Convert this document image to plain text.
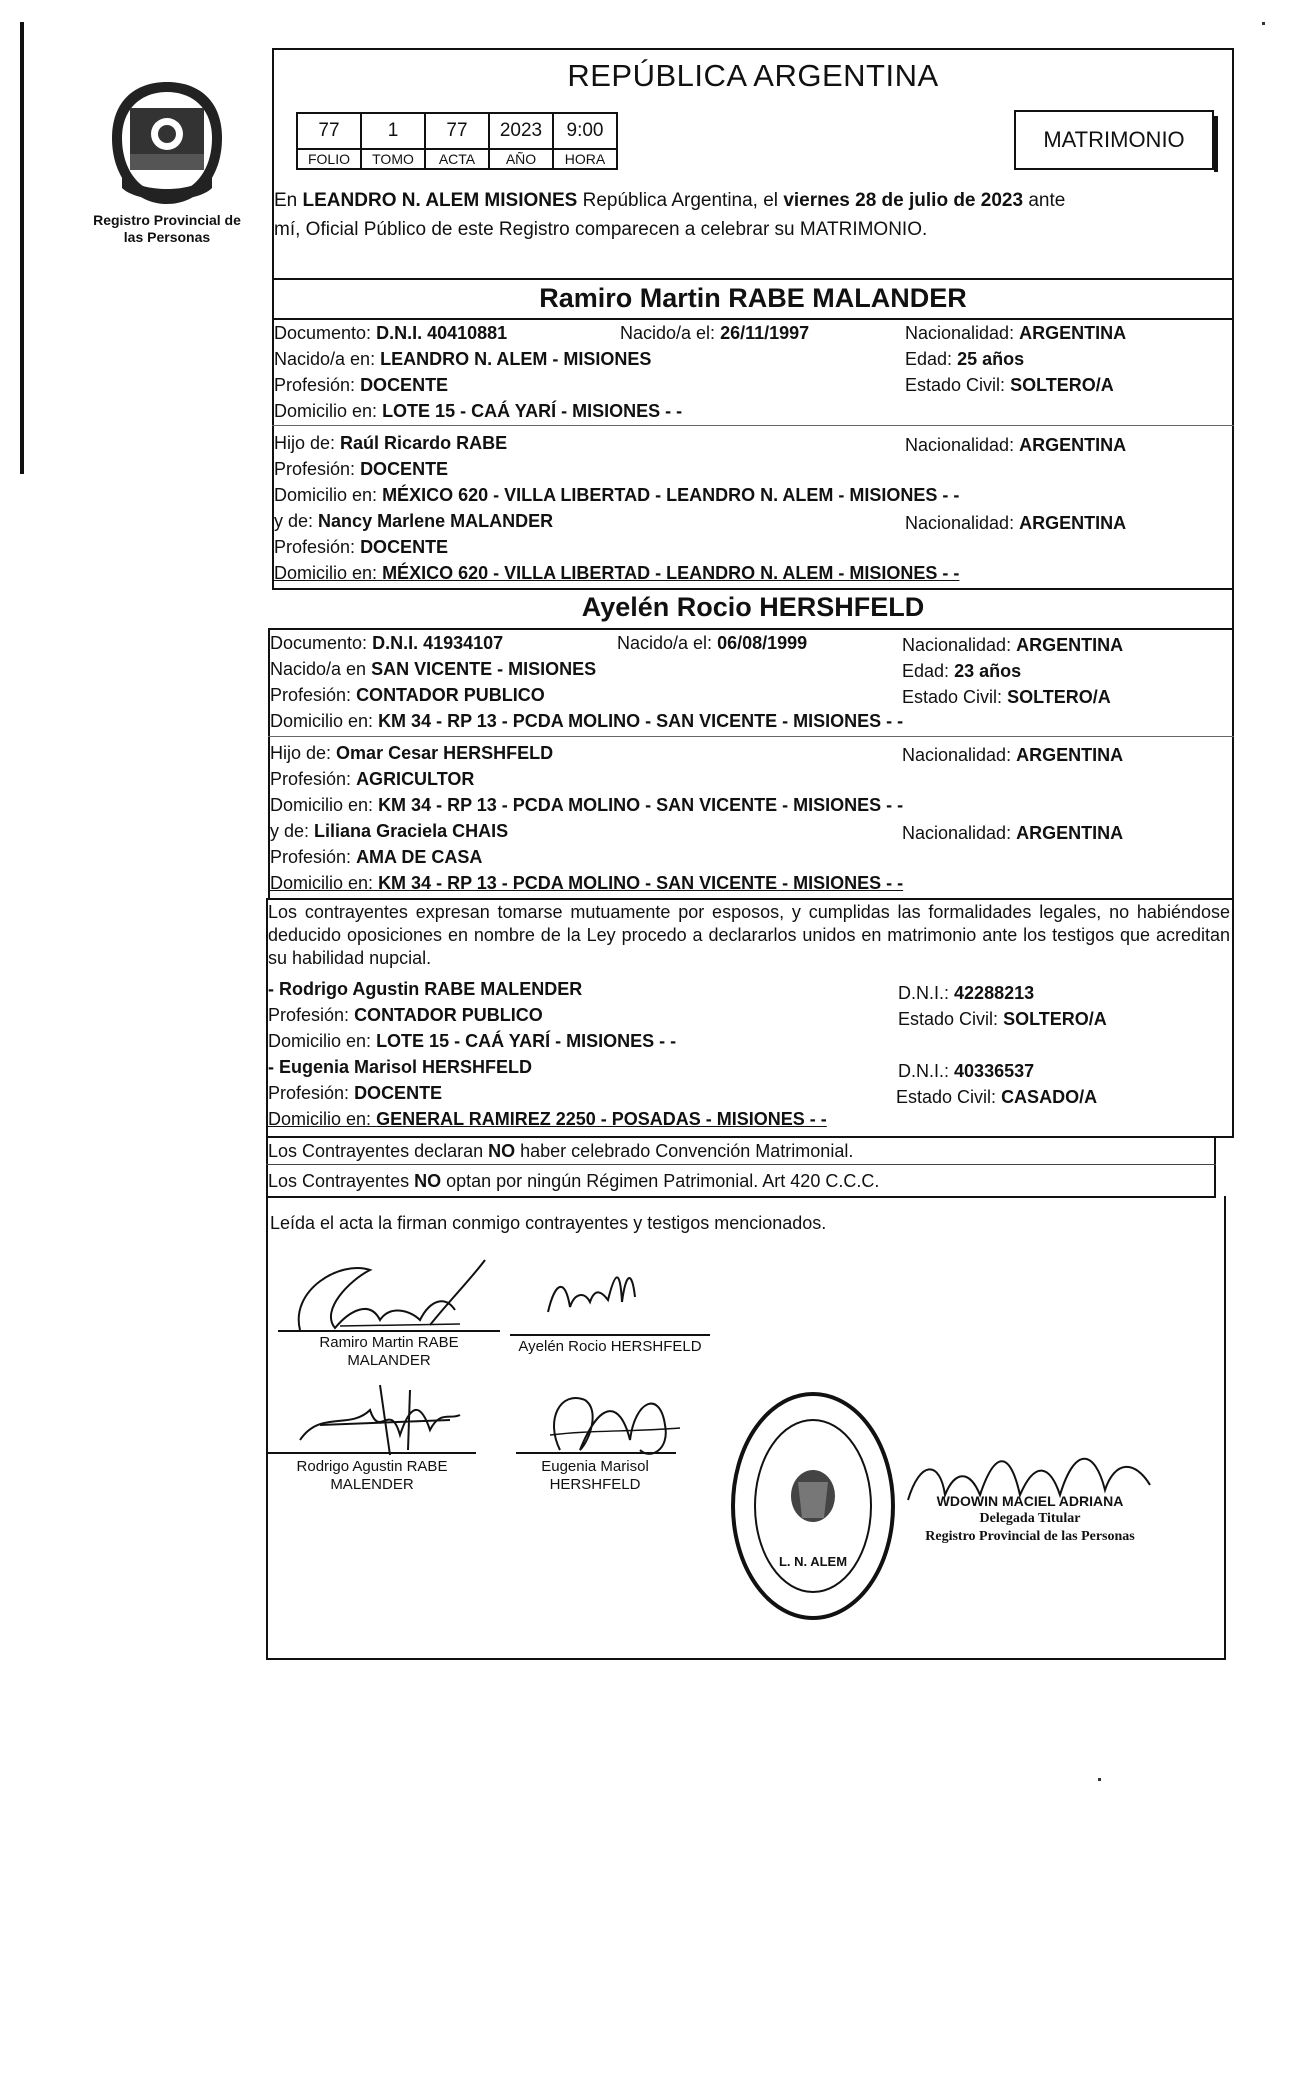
Registro Provincial de las Personas
REPÚBLICA ARGENTINA
77	1	77	2023	9:00
FOLIO	TOMO	ACTA	AÑO	HORA
MATRIMONIO
En LEANDRO N. ALEM MISIONES República Argentina, el viernes 28 de julio de 2023 ante
mí, Oficial Público de este Registro comparecen a celebrar su MATRIMONIO.
Ramiro Martin RABE MALANDER
Documento: D.N.I. 40410881	Nacido/a el: 26/11/1997	Nacionalidad: ARGENTINA
Nacido/a en: LEANDRO N. ALEM - MISIONES	Edad: 25 años
Profesión: DOCENTE	Estado Civil: SOLTERO/A
Domicilio en: LOTE 15 - CAÁ YARÍ - MISIONES - -
Hijo de: Raúl Ricardo RABE	Nacionalidad: ARGENTINA
Profesión: DOCENTE
Domicilio en: MÉXICO 620 - VILLA LIBERTAD - LEANDRO N. ALEM - MISIONES - -
y de: Nancy Marlene MALANDER	Nacionalidad: ARGENTINA
Profesión: DOCENTE
Domicilio en: MÉXICO 620 - VILLA LIBERTAD - LEANDRO N. ALEM - MISIONES - -
Ayelén Rocio HERSHFELD
Documento: D.N.I. 41934107	Nacido/a el: 06/08/1999	Nacionalidad: ARGENTINA
Nacido/a en SAN VICENTE - MISIONES	Edad: 23 años
Profesión: CONTADOR PUBLICO	Estado Civil: SOLTERO/A
Domicilio en: KM 34 - RP 13 - PCDA MOLINO - SAN VICENTE - MISIONES - -
Hijo de: Omar Cesar HERSHFELD	Nacionalidad: ARGENTINA
Profesión: AGRICULTOR
Domicilio en: KM 34 - RP 13 - PCDA MOLINO - SAN VICENTE - MISIONES - -
y de: Liliana Graciela CHAIS	Nacionalidad: ARGENTINA
Profesión: AMA DE CASA
Domicilio en: KM 34 - RP 13 - PCDA MOLINO - SAN VICENTE - MISIONES - -
Los contrayentes expresan tomarse mutuamente por esposos, y cumplidas las formalidades legales, no habiéndose deducido oposiciones en nombre de la Ley procedo a declararlos unidos en matrimonio ante los testigos que acreditan su habilidad nupcial.
- Rodrigo Agustin RABE MALENDER	D.N.I.: 42288213
Profesión: CONTADOR PUBLICO	Estado Civil: SOLTERO/A
Domicilio en: LOTE 15 - CAÁ YARÍ - MISIONES - -
- Eugenia Marisol HERSHFELD	D.N.I.: 40336537
Profesión: DOCENTE	Estado Civil: CASADO/A
Domicilio en: GENERAL RAMIREZ 2250 - POSADAS - MISIONES - -
Los Contrayentes declaran NO haber celebrado Convención Matrimonial.
Los Contrayentes NO optan por ningún Régimen Patrimonial. Art 420 C.C.C.
Leída el acta la firman conmigo contrayentes y testigos mencionados.
Ramiro Martin RABE
MALANDER
Ayelén Rocio HERSHFELD
Rodrigo Agustin RABE
MALENDER
Eugenia Marisol
HERSHFELD
L. N. ALEM
WDOWIN MACIEL ADRIANA
Delegada Titular
Registro Provincial de las Personas
